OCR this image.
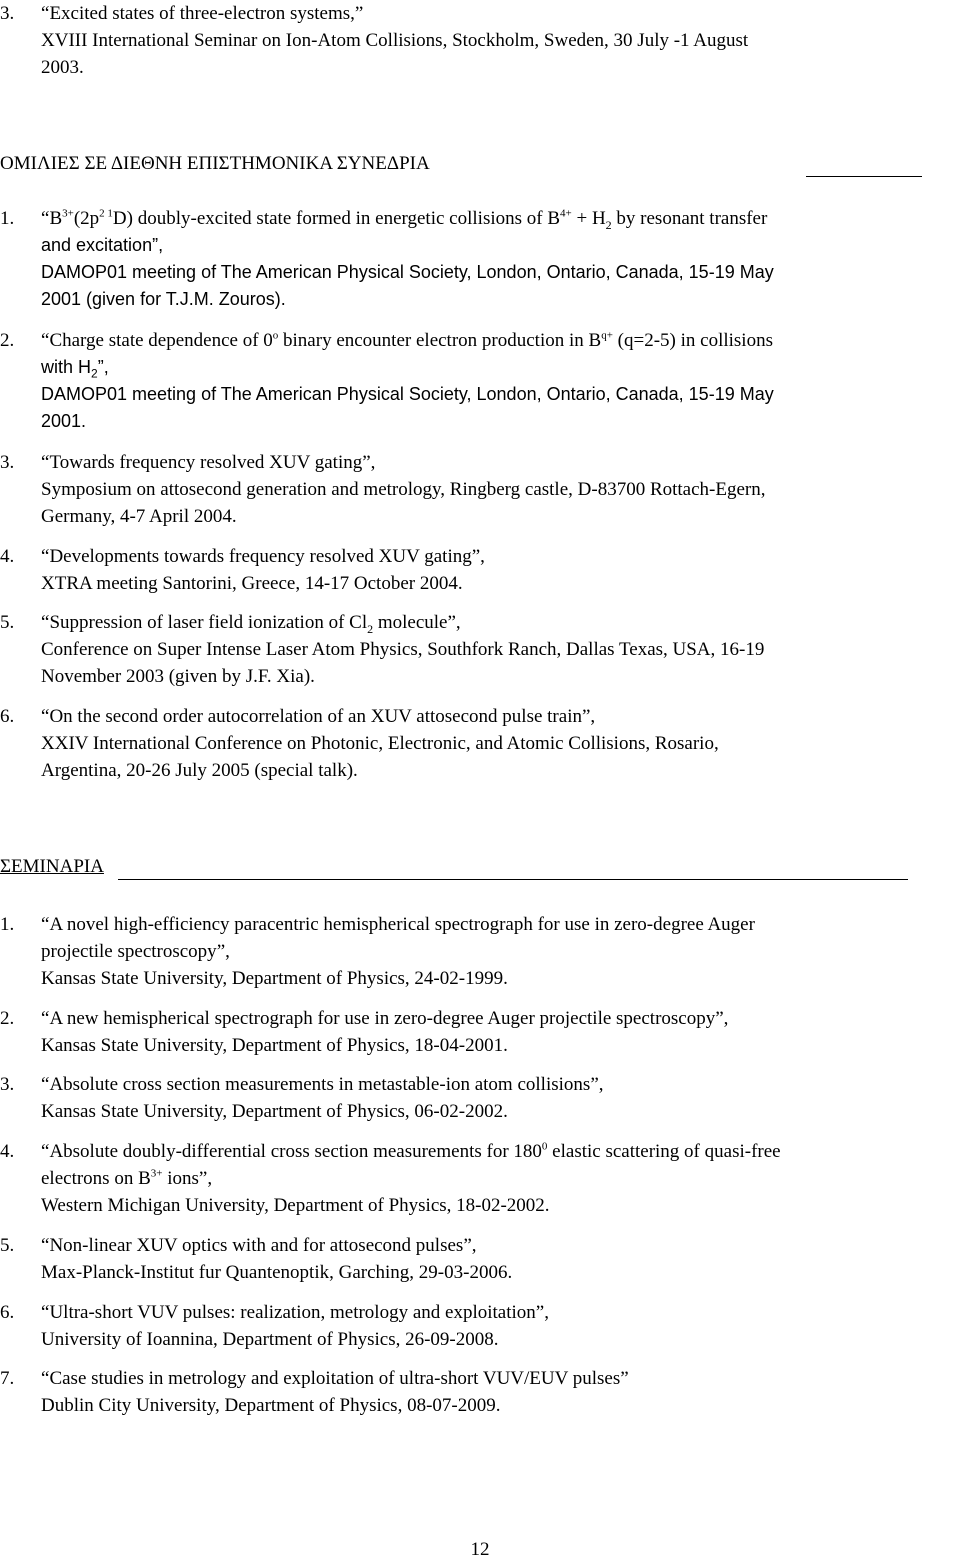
3. “Excited states of three-electron systems,”
XVIII International Seminar on Ion-Atom Collisions, Stockholm, Sweden, 30 July -1 August
2003.
ΟΜΙΛΙΕΣ ΣΕ ΔΙΕΘΝΗ ΕΠΙΣΤΗΜΟΝΙΚΑ ΣΥΝΕΔΡΙΑ
1. “$B^{3+}(2p^{2 1}D)$ doubly-excited state formed in energetic collisions of $B^{4+} + H_2$ by resonant transfer
and excitation”,
DAMOP01 meeting of The American Physical Society, London, Ontario, Canada, 15-19 May
2001 (given for T.J.M. Zouros).
2. “Charge state dependence of 0$^o$ binary encounter electron production in $B^{q+}$ (q=2-5) in collisions
with $H_2$”,
DAMOP01 meeting of The American Physical Society, London, Ontario, Canada, 15-19 May
2001.
3. “Towards frequency resolved XUV gating”,
Symposium on attosecond generation and metrology, Ringberg castle, D-83700 Rottach-Egern,
Germany, 4-7 April 2004.
4. “Developments towards frequency resolved XUV gating”,
XTRA meeting Santorini, Greece, 14-17 October 2004.
5. “Suppression of laser field ionization of $Cl_2$ molecule”,
Conference on Super Intense Laser Atom Physics, Southfork Ranch, Dallas Texas, USA, 16-19
November 2003 (given by J.F. Xia).
6. “On the second order autocorrelation of an XUV attosecond pulse train”,
XXIV International Conference on Photonic, Electronic, and Atomic Collisions, Rosario,
Argentina, 20-26 July 2005 (special talk).
ΣΕΜΙΝΑΡΙΑ
1. “A novel high-efficiency paracentric hemispherical spectrograph for use in zero-degree Auger
projectile spectroscopy”,
Kansas State University, Department of Physics, 24-02-1999.
2. “A new hemispherical spectrograph for use in zero-degree Auger projectile spectroscopy”,
Kansas State University, Department of Physics, 18-04-2001.
3. “Absolute cross section measurements in metastable-ion atom collisions”,
Kansas State University, Department of Physics, 06-02-2002.
4. “Absolute doubly-differential cross section measurements for $180^0$ elastic scattering of quasi-free
electrons on $B^{3+}$ ions”,
Western Michigan University, Department of Physics, 18-02-2002.
5. “Non-linear XUV optics with and for attosecond pulses”,
Max-Planck-Institut fur Quantenoptik, Garching, 29-03-2006.
6. “Ultra-short VUV pulses: realization, metrology and exploitation”,
University of Ioannina, Department of Physics, 26-09-2008.
7. “Case studies in metrology and exploitation of ultra-short VUV/EUV pulses”
Dublin City University, Department of Physics, 08-07-2009.
12
